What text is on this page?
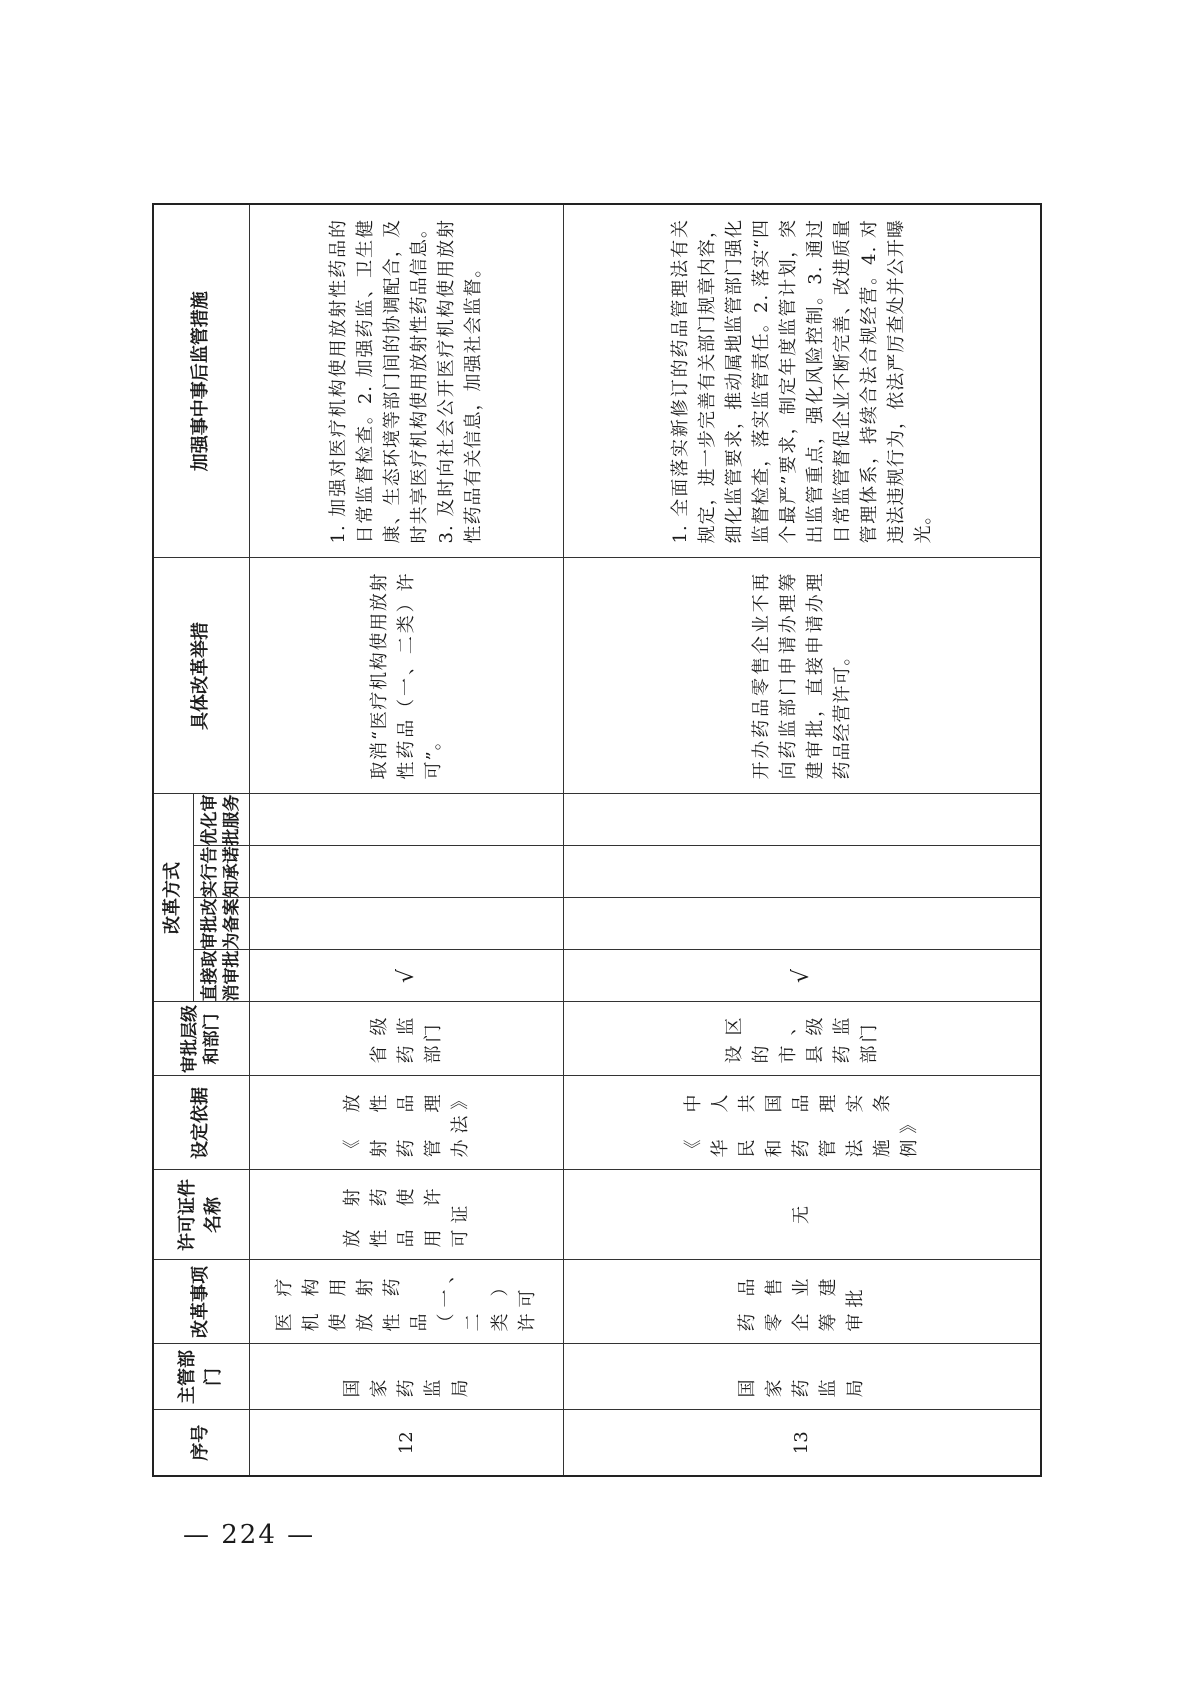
序号	主管部门	改革事项	许可证件名称	设定依据	审批层级和部门	改革方式				具体改革举措	加强事中事后监管措施
						直接取消审批	审批改为备案	实行告知承诺	优化审批服务		
12	国家药监局	医疗机构使用放射性药品（一、二类）许可	放射性药品使用许可证	《放射性药品管理办法》	省级药监部门	√				取消“医疗机构使用放射性药品（一、二类）许可”。	1. 加强对医疗机构使用放射性药品的日常监督检查。2. 加强药监、卫生健康、生态环境等部门间的协调配合，及时共享医疗机构使用放射性药品信息。3. 及时向社会公开医疗机构使用放射性药品有关信息，加强社会监督。
13	国家药监局	药品零售企业筹建审批	无	《中华人民共和国药品管理法实施条例》	设区的市、县级药监部门	√				开办药品零售企业不再向药监部门申请办理筹建审批，直接申请办理药品经营许可。	1. 全面落实新修订的药品管理法有关规定，进一步完善有关部门规章内容，细化监管要求，推动属地监管部门强化监督检查，落实监管责任。2. 落实“四个最严”要求，制定年度监管计划，突出监管重点，强化风险控制。3. 通过日常监管督促企业不断完善、改进质量管理体系，持续合法合规经营。4. 对违法违规行为，依法严厉查处并公开曝光。
— 224 —
